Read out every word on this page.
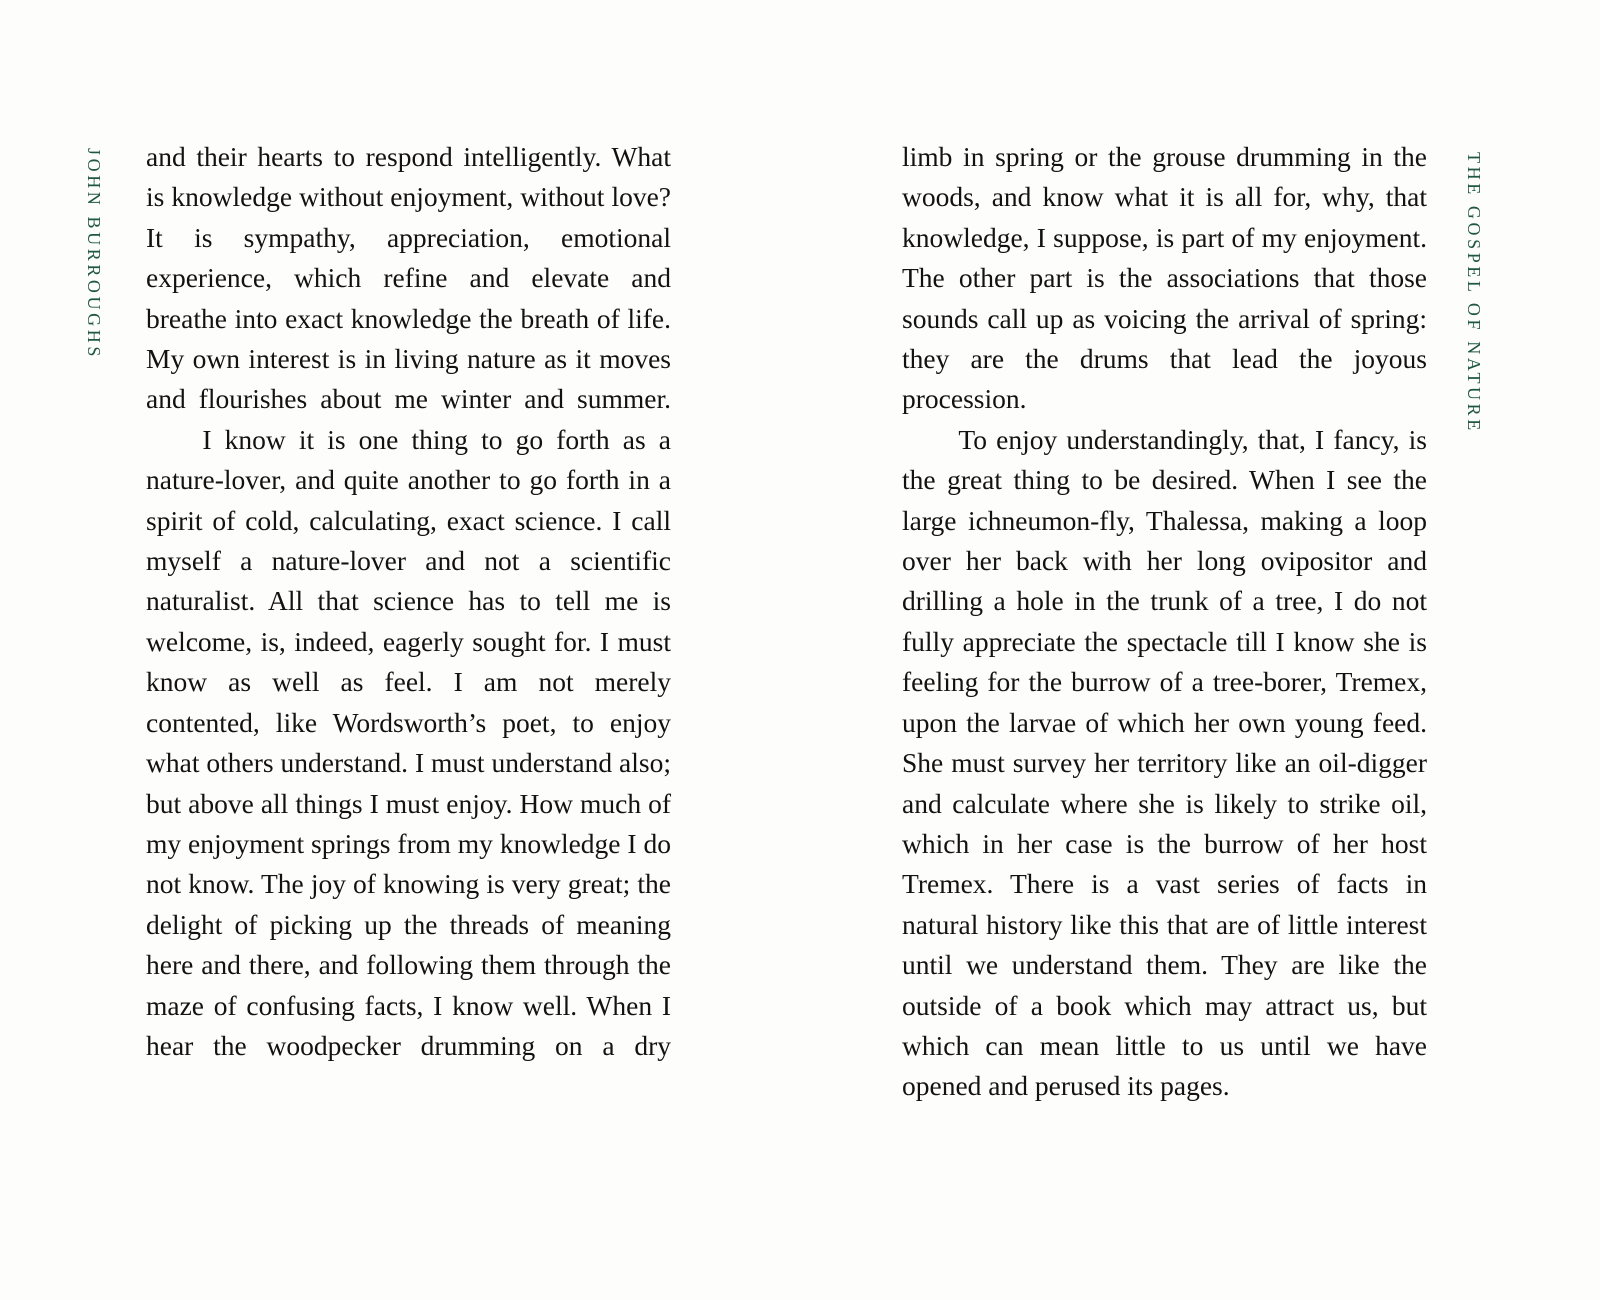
JOHN BURROUGHS and their hearts to respond intelligently. What is knowledge without enjoyment, without love? It is sympathy, appreciation, emotional experience, which refine and elevate and breathe into exact knowledge the breath of life. My own interest is in living nature as it moves and flourishes about me winter and summer.

I know it is one thing to go forth as a nature-lover, and quite another to go forth in a spirit of cold, calculating, exact science. I call myself a nature-lover and not a scientific naturalist. All that science has to tell me is welcome, is, indeed, eagerly sought for. I must know as well as feel. I am not merely contented, like Wordsworth’s poet, to enjoy what others understand. I must understand also; but above all things I must enjoy. How much of my enjoyment springs from my knowledge I do not know. The joy of knowing is very great; the delight of picking up the threads of meaning here and there, and following them through the maze of confusing facts, I know well. When I hear the woodpecker drumming on a dry

limb in spring or the grouse drumming in the woods, and know what it is all for, why, that knowledge, I suppose, is part of my enjoyment. The other part is the associations that those sounds call up as voicing the arrival of spring: they are the drums that lead the joyous procession.

To enjoy understandingly, that, I fancy, is the great thing to be desired. When I see the large ichneumon-fly, Thalessa, making a loop over her back with her long ovipositor and drilling a hole in the trunk of a tree, I do not fully appreciate the spectacle till I know she is feeling for the burrow of a tree-borer, Tremex, upon the larvae of which her own young feed. She must survey her territory like an oil-digger and calculate where she is likely to strike oil, which in her case is the burrow of her host Tremex. There is a vast series of facts in natural history like this that are of little interest until we understand them. They are like the outside of a book which may attract us, but which can mean little to us until we have opened and perused its pages.

THE GOSPEL OF NATURE
